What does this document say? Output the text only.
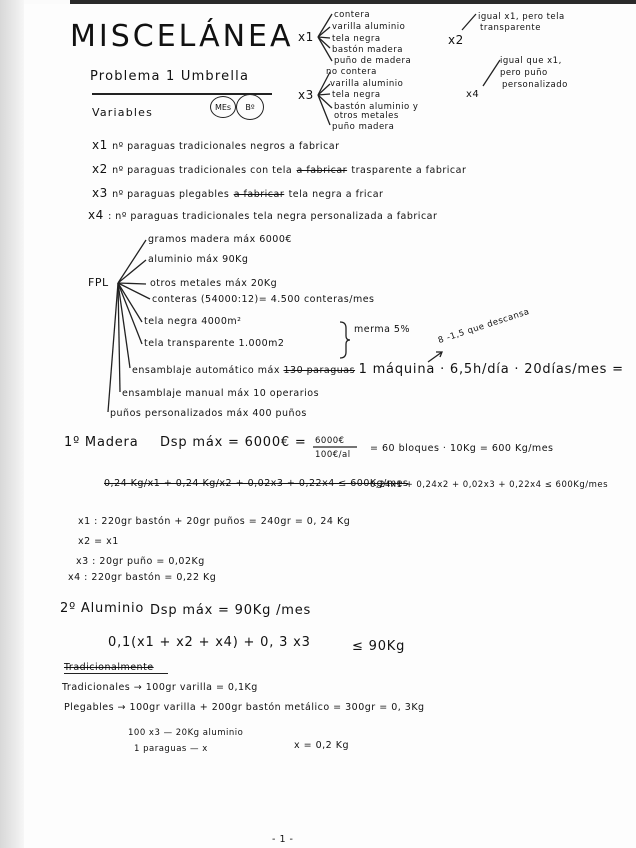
MISCELÁNEA
Problema 1 Umbrella
Variables	MEs	Bº
x1
contera
varilla aluminio
tela negra
bastón madera
puño de madera
x3
no contera
varilla aluminio
tela negra
bastón aluminio y
otros metales
puño madera
x2
igual x1, pero tela
transparente
x4
igual que x1,
pero puño
personalizado
x1 nº paraguas tradicionales negros a fabricar
x2 nº paraguas tradicionales con tela a fabricar trasparente a fabricar
x3 nº paraguas plegables a fabricar tela negra a fricar
x4 : nº paraguas tradicionales tela negra personalizada a fabricar
FPL
gramos madera máx 6000€
aluminio máx 90Kg
otros metales máx 20Kg
conteras (54000:12)= 4.500 conteras/mes
tela negra 4000m²
tela transparente 1.000m2
merma 5%	8 -1,5 que descansa
ensamblaje automático máx 130 paraguas 1 máquina · 6,5h/día · 20días/mes =
ensamblaje manual máx 10 operarios
puños personalizados máx 400 puños
1º Madera Dsp máx = 6000€ = 6000€
100€/al
= 60 bloques · 10Kg = 600 Kg/mes
0,24 Kg/x1 + 0,24 Kg/x2 + 0,02x3 + 0,22x4 ≤ 600Kg/mes
0,24x1 + 0,24x2 + 0,02x3 + 0,22x4 ≤ 600Kg/mes
x1 : 220gr bastón + 20gr puños = 240gr = 0, 24 Kg
x2 = x1
x3 : 20gr puño = 0,02Kg
x4 : 220gr bastón = 0,22 Kg
2º Aluminio Dsp máx = 90Kg /mes
0,1(x1 + x2 + x4) + 0, 3 x3	≤ 90Kg
Tradicionalmente
Tradicionales → 100gr varilla = 0,1Kg
Plegables → 100gr varilla + 200gr bastón metálico = 300gr = 0, 3Kg
100 x3 — 20Kg aluminio
1 paraguas — x	x = 0,2 Kg
- 1 -
